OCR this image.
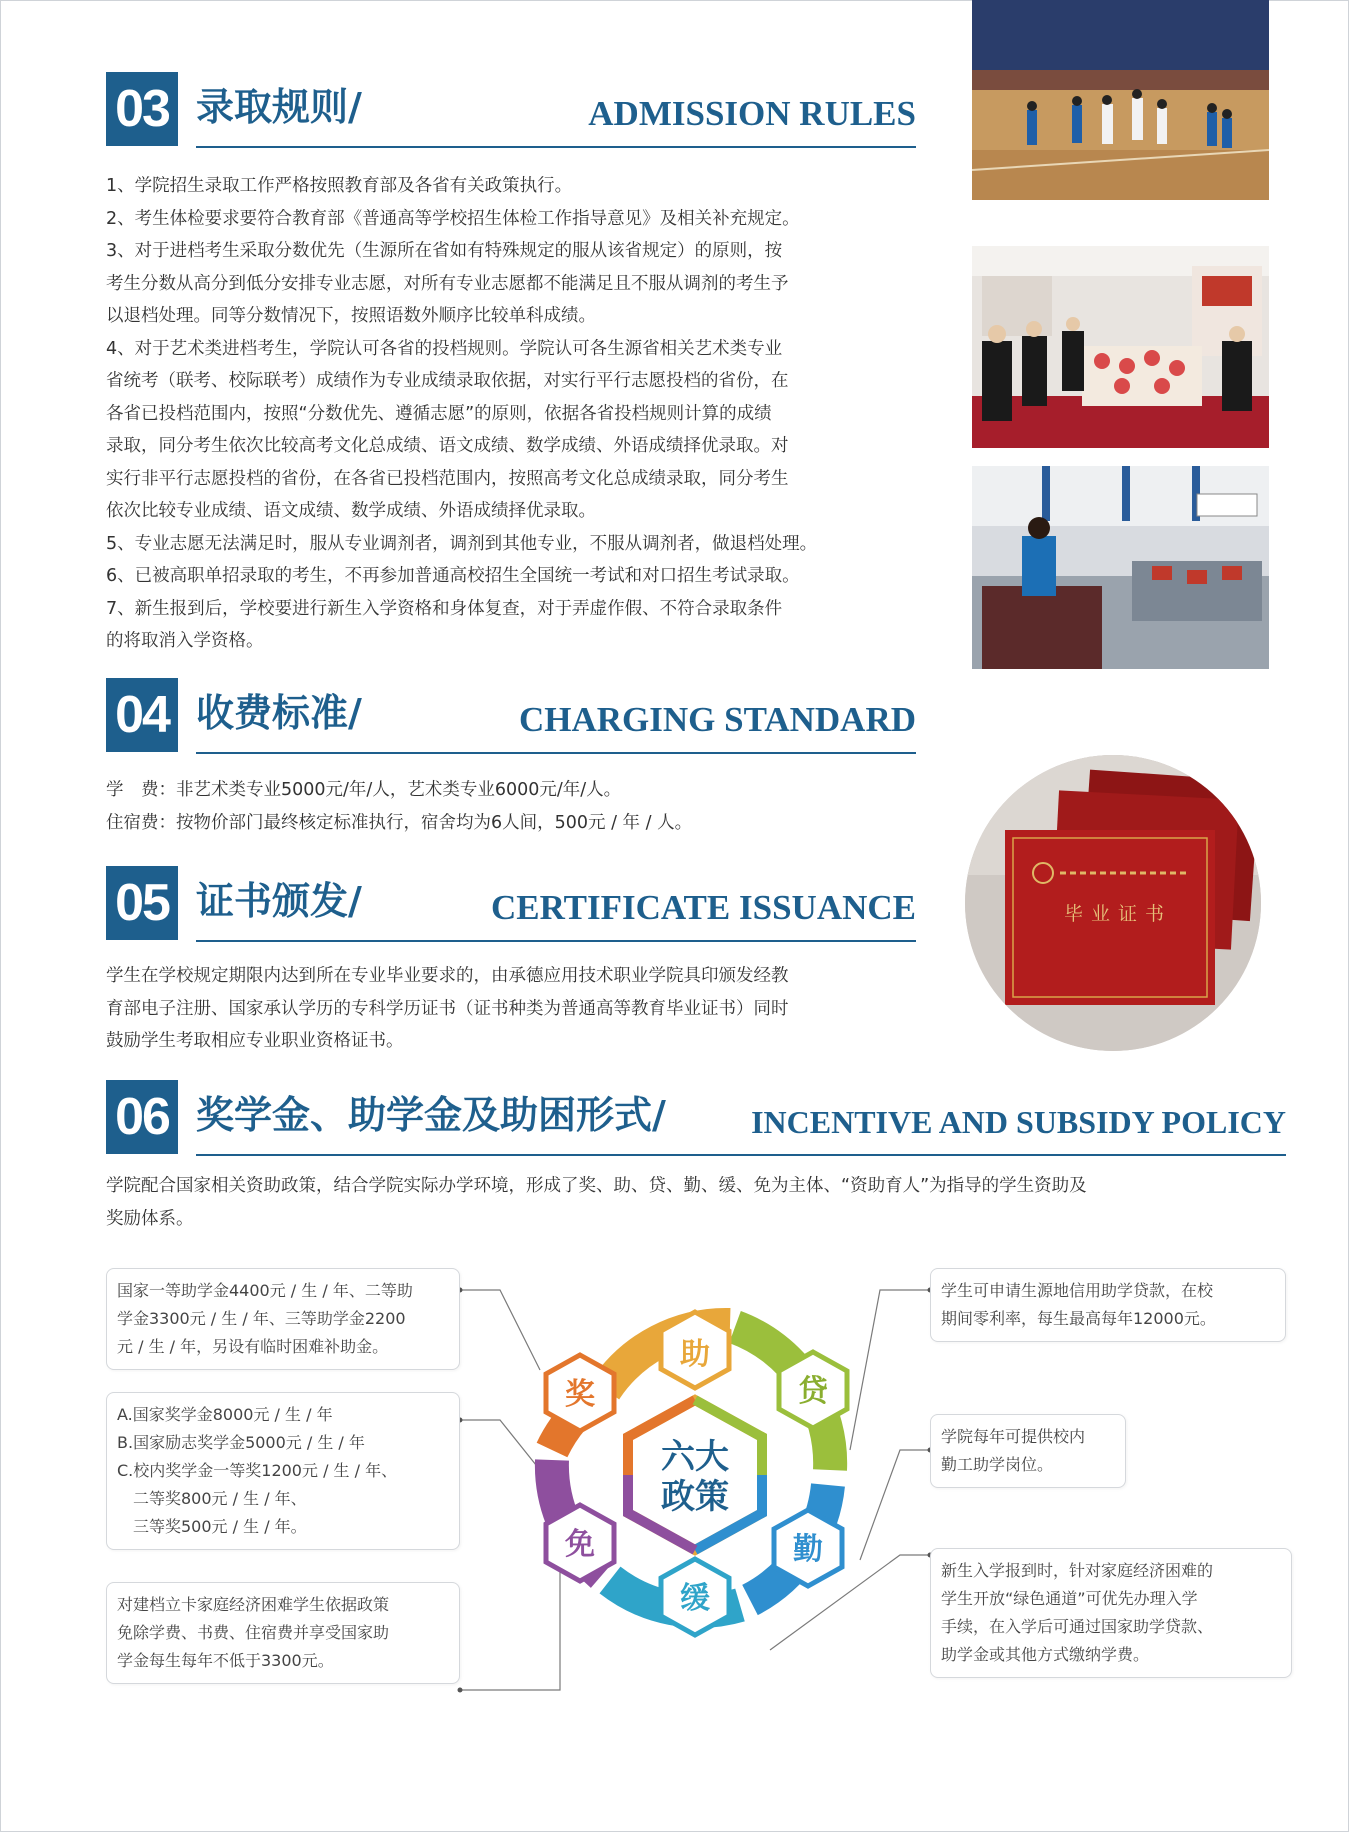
03 录取规则/	ADMISSION RULES

1、学院招生录取工作严格按照教育部及各省有关政策执行。

2、考生体检要求要符合教育部《普通高等学校招生体检工作指导意见》及相关补充规定。

3、对于进档考生采取分数优先（生源所在省如有特殊规定的服从该省规定）的原则，按

考生分数从高分到低分安排专业志愿，对所有专业志愿都不能满足且不服从调剂的考生予

以退档处理。同等分数情况下，按照语数外顺序比较单科成绩。

4、对于艺术类进档考生，学院认可各省的投档规则。学院认可各生源省相关艺术类专业

省统考（联考、校际联考）成绩作为专业成绩录取依据，对实行平行志愿投档的省份，在

各省已投档范围内，按照“分数优先、遵循志愿”的原则，依据各省投档规则计算的成绩

录取，同分考生依次比较高考文化总成绩、语文成绩、数学成绩、外语成绩择优录取。对

实行非平行志愿投档的省份，在各省已投档范围内，按照高考文化总成绩录取，同分考生

依次比较专业成绩、语文成绩、数学成绩、外语成绩择优录取。

5、专业志愿无法满足时，服从专业调剂者，调剂到其他专业，不服从调剂者，做退档处理。

6、已被高职单招录取的考生，不再参加普通高校招生全国统一考试和对口招生考试录取。

7、新生报到后，学校要进行新生入学资格和身体复查，对于弄虚作假、不符合录取条件

的将取消入学资格。

04 收费标准/	CHARGING STANDARD

学　费：非艺术类专业5000元/年/人，艺术类专业6000元/年/人。

住宿费：按物价部门最终核定标准执行，宿舍均为6人间，500元 / 年 / 人。

毕业证书
05 证书颁发/	CERTIFICATE ISSUANCE

学生在学校规定期限内达到所在专业毕业要求的，由承德应用技术职业学院具印颁发经教

育部电子注册、国家承认学历的专科学历证书（证书种类为普通高等教育毕业证书）同时

鼓励学生考取相应专业职业资格证书。

06 奖学金、助学金及助困形式/	INCENTIVE AND SUBSIDY POLICY

学院配合国家相关资助政策，结合学院实际办学环境，形成了奖、助、贷、勤、缓、免为主体、“资助育人”为指导的学生资助及

奖励体系。

六大
政策
助
贷
勤
缓
免
奖

国家一等助学金4400元 / 生 / 年、二等助

学金3300元 / 生 / 年、三等助学金2200

元 / 生 / 年，另设有临时困难补助金。

A.国家奖学金8000元 / 生 / 年

B.国家励志奖学金5000元 / 生 / 年

C.校内奖学金一等奖1200元 / 生 / 年、

　二等奖800元 / 生 / 年、

　三等奖500元 / 生 / 年。

对建档立卡家庭经济困难学生依据政策

免除学费、书费、住宿费并享受国家助

学金每生每年不低于3300元。

学生可申请生源地信用助学贷款，在校

期间零利率，每生最高每年12000元。

学院每年可提供校内

勤工助学岗位。

新生入学报到时，针对家庭经济困难的

学生开放“绿色通道”可优先办理入学

手续，在入学后可通过国家助学贷款、

助学金或其他方式缴纳学费。
